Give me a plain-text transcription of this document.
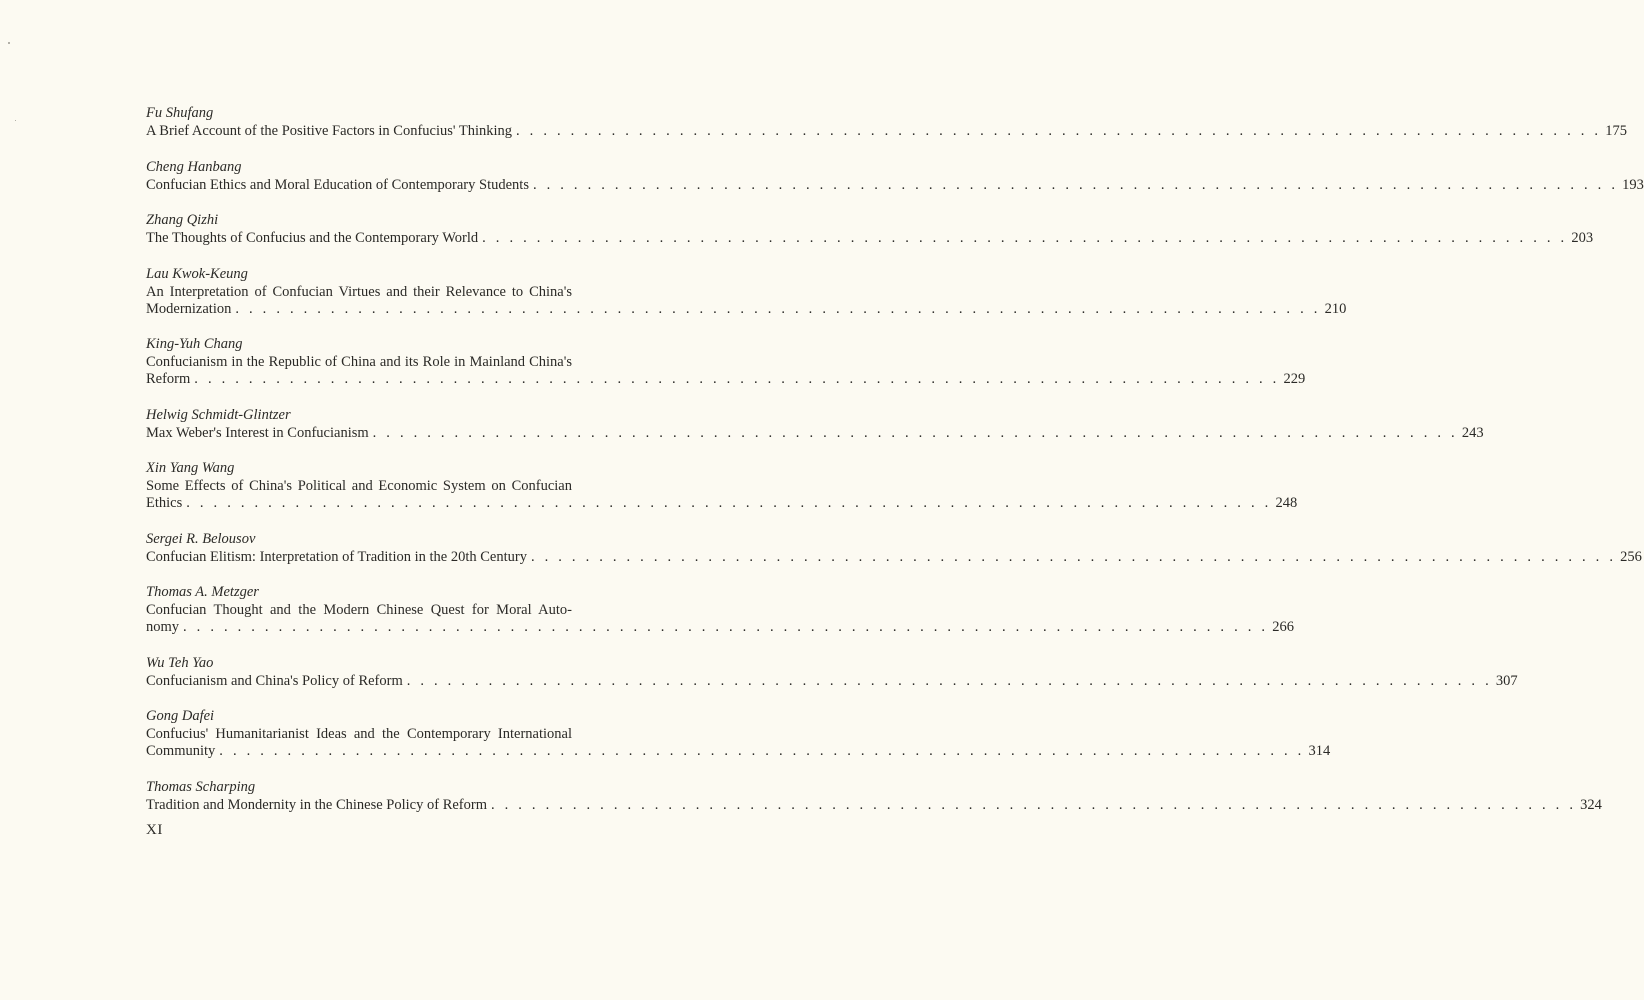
Fu Shufang
A Brief Account of the Positive Factors in Confucius' Thinking . . . . . . . . . . . . . . . . . . . . . . . . . . . . . . . . . . . . . . . . . . . . . . . . . . . . . . . . . . . . . . . . . . . . . . . . . . . . . . . . 175
Cheng Hanbang
Confucian Ethics and Moral Education of Contemporary Students . . . . . . . . . . . . . . . . . . . . . . . . . . . . . . . . . . . . . . . . . . . . . . . . . . . . . . . . . . . . . . . . . . . . . . . . . . . . . . . . 193
Zhang Qizhi
The Thoughts of Confucius and the Contemporary World . . . . . . . . . . . . . . . . . . . . . . . . . . . . . . . . . . . . . . . . . . . . . . . . . . . . . . . . . . . . . . . . . . . . . . . . . . . . . . . . 203
Lau Kwok-Keung
An Interpretation of Confucian Virtues and their Relevance to China's
Modernization . . . . . . . . . . . . . . . . . . . . . . . . . . . . . . . . . . . . . . . . . . . . . . . . . . . . . . . . . . . . . . . . . . . . . . . . . . . . . . . . 210
King-Yuh Chang
Confucianism in the Republic of China and its Role in Mainland China's
Reform . . . . . . . . . . . . . . . . . . . . . . . . . . . . . . . . . . . . . . . . . . . . . . . . . . . . . . . . . . . . . . . . . . . . . . . . . . . . . . . . 229
Helwig Schmidt-Glintzer
Max Weber's Interest in Confucianism . . . . . . . . . . . . . . . . . . . . . . . . . . . . . . . . . . . . . . . . . . . . . . . . . . . . . . . . . . . . . . . . . . . . . . . . . . . . . . . . 243
Xin Yang Wang
Some Effects of China's Political and Economic System on Confucian
Ethics . . . . . . . . . . . . . . . . . . . . . . . . . . . . . . . . . . . . . . . . . . . . . . . . . . . . . . . . . . . . . . . . . . . . . . . . . . . . . . . . 248
Sergei R. Belousov
Confucian Elitism: Interpretation of Tradition in the 20th Century . . . . . . . . . . . . . . . . . . . . . . . . . . . . . . . . . . . . . . . . . . . . . . . . . . . . . . . . . . . . . . . . . . . . . . . . . . . . . . . . 256
Thomas A. Metzger
Confucian Thought and the Modern Chinese Quest for Moral Auto-
nomy . . . . . . . . . . . . . . . . . . . . . . . . . . . . . . . . . . . . . . . . . . . . . . . . . . . . . . . . . . . . . . . . . . . . . . . . . . . . . . . . 266
Wu Teh Yao
Confucianism and China's Policy of Reform . . . . . . . . . . . . . . . . . . . . . . . . . . . . . . . . . . . . . . . . . . . . . . . . . . . . . . . . . . . . . . . . . . . . . . . . . . . . . . . . 307
Gong Dafei
Confucius' Humanitarianist Ideas and the Contemporary International
Community . . . . . . . . . . . . . . . . . . . . . . . . . . . . . . . . . . . . . . . . . . . . . . . . . . . . . . . . . . . . . . . . . . . . . . . . . . . . . . . . 314
Thomas Scharping
Tradition and Mondernity in the Chinese Policy of Reform . . . . . . . . . . . . . . . . . . . . . . . . . . . . . . . . . . . . . . . . . . . . . . . . . . . . . . . . . . . . . . . . . . . . . . . . . . . . . . . . 324
XI
